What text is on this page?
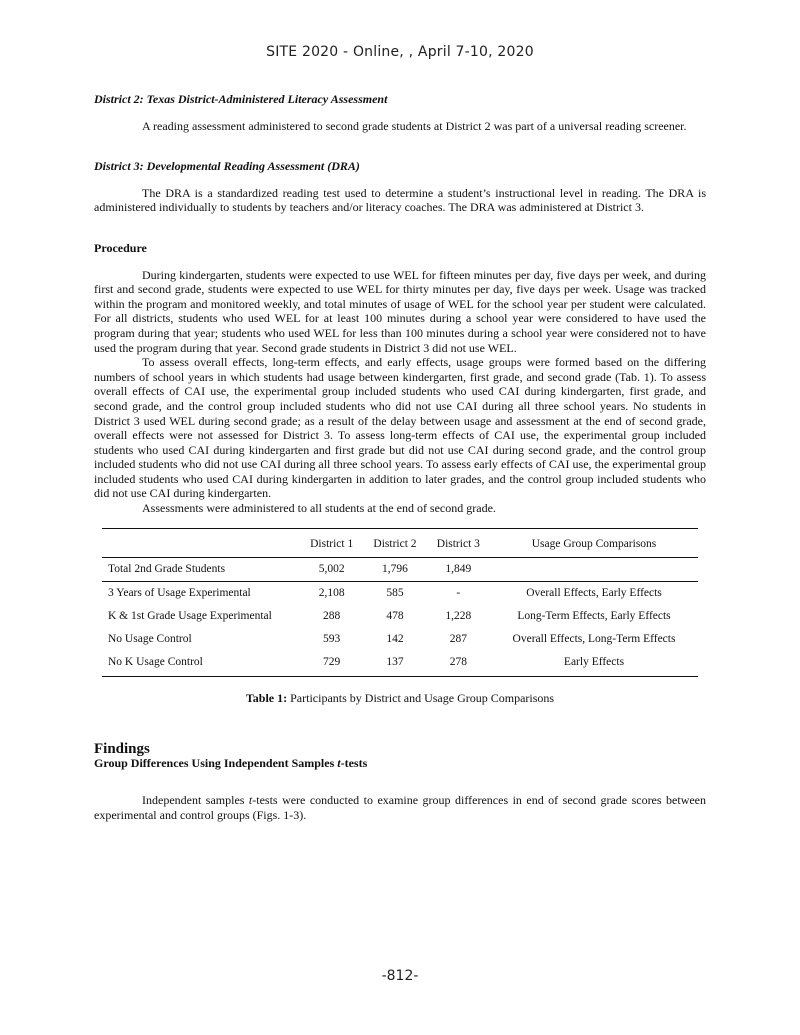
SITE 2020 - Online, , April 7-10, 2020

District 2: Texas District-Administered Literacy Assessment

A reading assessment administered to second grade students at District 2 was part of a universal reading screener.

District 3: Developmental Reading Assessment (DRA)

The DRA is a standardized reading test used to determine a student’s instructional level in reading. The DRA is administered individually to students by teachers and/or literacy coaches. The DRA was administered at District 3.

Procedure

During kindergarten, students were expected to use WEL for fifteen minutes per day, five days per week, and during first and second grade, students were expected to use WEL for thirty minutes per day, five days per week. Usage was tracked within the program and monitored weekly, and total minutes of usage of WEL for the school year per student were calculated. For all districts, students who used WEL for at least 100 minutes during a school year were considered to have used the program during that year; students who used WEL for less than 100 minutes during a school year were considered not to have used the program during that year. Second grade students in District 3 did not use WEL.

To assess overall effects, long-term effects, and early effects, usage groups were formed based on the differing numbers of school years in which students had usage between kindergarten, first grade, and second grade (Tab. 1). To assess overall effects of CAI use, the experimental group included students who used CAI during kindergarten, first grade, and second grade, and the control group included students who did not use CAI during all three school years. No students in District 3 used WEL during second grade; as a result of the delay between usage and assessment at the end of second grade, overall effects were not assessed for District 3. To assess long-term effects of CAI use, the experimental group included students who used CAI during kindergarten and first grade but did not use CAI during second grade, and the control group included students who did not use CAI during all three school years. To assess early effects of CAI use, the experimental group included students who used CAI during kindergarten in addition to later grades, and the control group included students who did not use CAI during kindergarten.

Assessments were administered to all students at the end of second grade.

	District 1	District 2	District 3	Usage Group Comparisons
Total 2nd Grade Students	5,002	1,796	1,849	
3 Years of Usage Experimental	2,108	585	-	Overall Effects, Early Effects
K & 1st Grade Usage Experimental	288	478	1,228	Long-Term Effects, Early Effects
No Usage Control	593	142	287	Overall Effects, Long-Term Effects
No K Usage Control	729	137	278	Early Effects

Table 1: Participants by District and Usage Group Comparisons

Findings

Group Differences Using Independent Samples t-tests

Independent samples t-tests were conducted to examine group differences in end of second grade scores between experimental and control groups (Figs. 1-3).

-812-
